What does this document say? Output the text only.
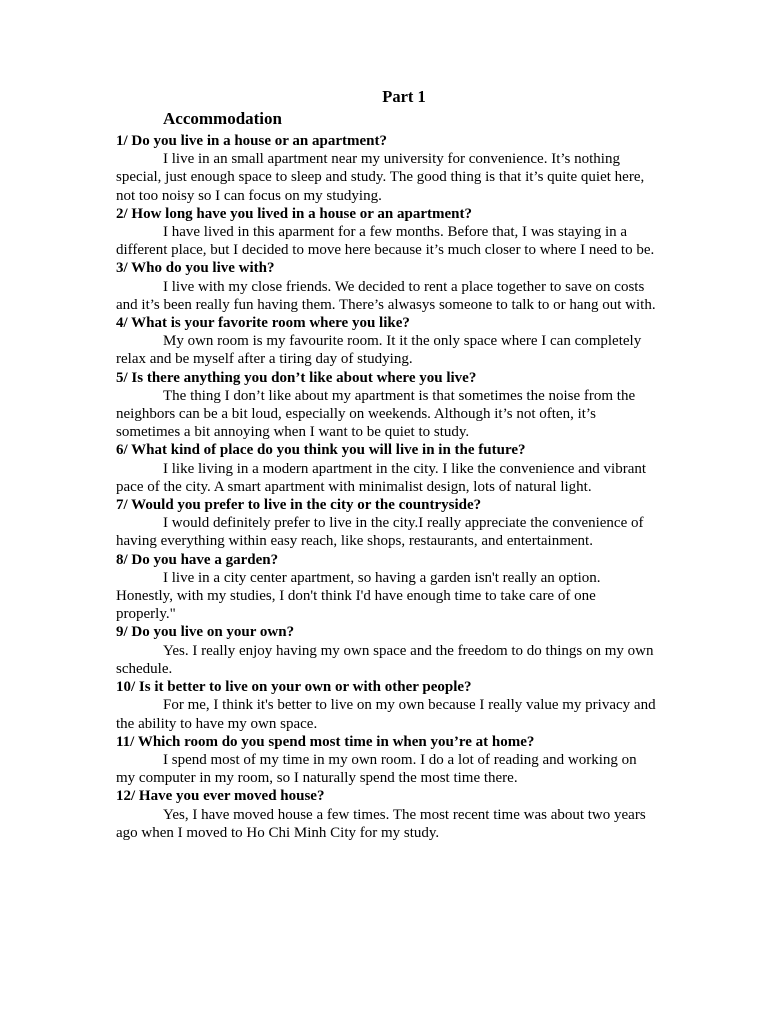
Part 1

Accommodation

1/ Do you live in a house or an apartment?

I live in an small apartment near my university for convenience. It’s nothing special, just enough space to sleep and study. The good thing is that it’s quite quiet here, not too noisy so I can focus on my studying.

2/ How long have you lived in a house or an apartment?

I have lived in this aparment for a few months. Before that, I was staying in a different place, but I decided to move here because it’s much closer to where I need to be.

3/ Who do you live with?

I live with my close friends. We decided to rent a place together to save on costs and it’s been really fun having them. There’s alwasys someone to talk to or hang out with.

4/ What is your favorite room where you like?

My own room is my favourite room. It it the only space where I can completely relax and be myself after a tiring day of studying.

5/ Is there anything you don’t like about where you live?

The thing I don’t like about my apartment is that sometimes the noise from the neighbors can be a bit loud, especially on weekends. Although it’s not often, it’s sometimes a bit annoying when I want to be quiet to study.

6/ What kind of place do you think you will live in in the future?

I like living in a modern apartment in the city. I like the convenience and vibrant pace of the city. A smart apartment with minimalist design, lots of natural light.

7/ Would you prefer to live in the city or the countryside?

I would definitely prefer to live in the city.I really appreciate the convenience of having everything within easy reach, like shops, restaurants, and entertainment.

8/ Do you have a garden?

I live in a city center apartment, so having a garden isn't really an option. Honestly, with my studies, I don't think I'd have enough time to take care of one properly."

9/ Do you live on your own?

Yes. I really enjoy having my own space and the freedom to do things on my own schedule.

10/ Is it better to live on your own or with other people?

For me, I think it's better to live on my own because I really value my privacy and the ability to have my own space.

11/ Which room do you spend most time in when you’re at home?

I spend most of my time in my own room. I do a lot of reading and working on my computer in my room, so I naturally spend the most time there.

12/ Have you ever moved house?

Yes, I have moved house a few times. The most recent time was about two years ago when I moved to Ho Chi Minh City for my study.
